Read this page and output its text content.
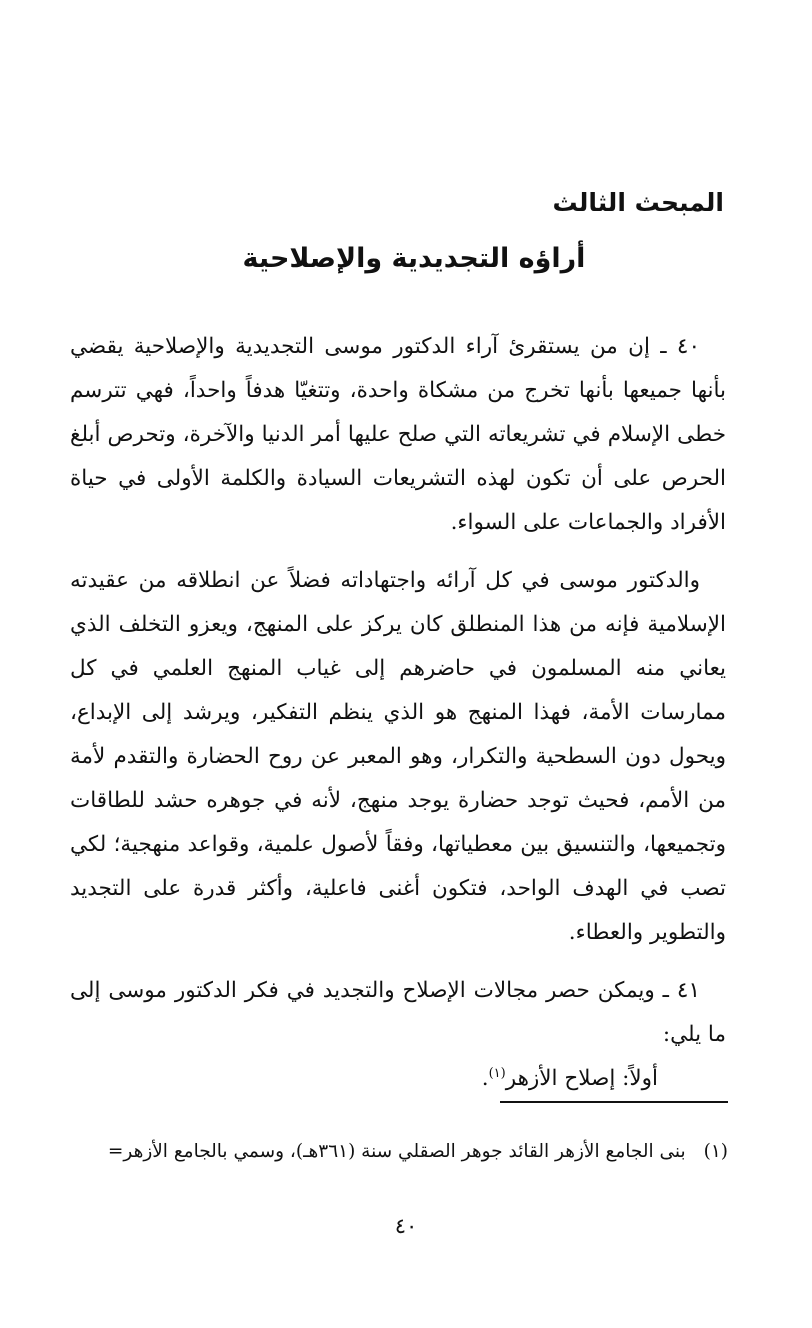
المبحث الثالث
أراؤه التجديدية والإصلاحية

٤٠ ـ إن من يستقرئ آراء الدكتور موسى التجديدية والإصلاحية يقضي بأنها جميعها بأنها تخرج من مشكاة واحدة، وتتغيّا هدفاً واحداً، فهي تترسم خطى الإسلام في تشريعاته التي صلح عليها أمر الدنيا والآخرة، وتحرص أبلغ الحرص على أن تكون لهذه التشريعات السيادة والكلمة الأولى في حياة الأفراد والجماعات على السواء.

والدكتور موسى في كل آرائه واجتهاداته فضلاً عن انطلاقه من عقيدته الإسلامية فإنه من هذا المنطلق كان يركز على المنهج، ويعزو التخلف الذي يعاني منه المسلمون في حاضرهم إلى غياب المنهج العلمي في كل ممارسات الأمة، فهذا المنهج هو الذي ينظم التفكير، ويرشد إلى الإبداع، ويحول دون السطحية والتكرار، وهو المعبر عن روح الحضارة والتقدم لأمة من الأمم، فحيث توجد حضارة يوجد منهج، لأنه في جوهره حشد للطاقات وتجميعها، والتنسيق بين معطياتها، وفقاً لأصول علمية، وقواعد منهجية؛ لكي تصب في الهدف الواحد، فتكون أغنى فاعلية، وأكثر قدرة على التجديد والتطوير والعطاء.

٤١ ـ ويمكن حصر مجالات الإصلاح والتجديد في فكر الدكتور موسى إلى ما يلي:

أولاً: إصلاح الأزهر$^{(١)}$.

(١)بنى الجامع الأزهر القائد جوهر الصقلي سنة (٣٦١هـ)، وسمي بالجامع الأزهر=

٤٠
